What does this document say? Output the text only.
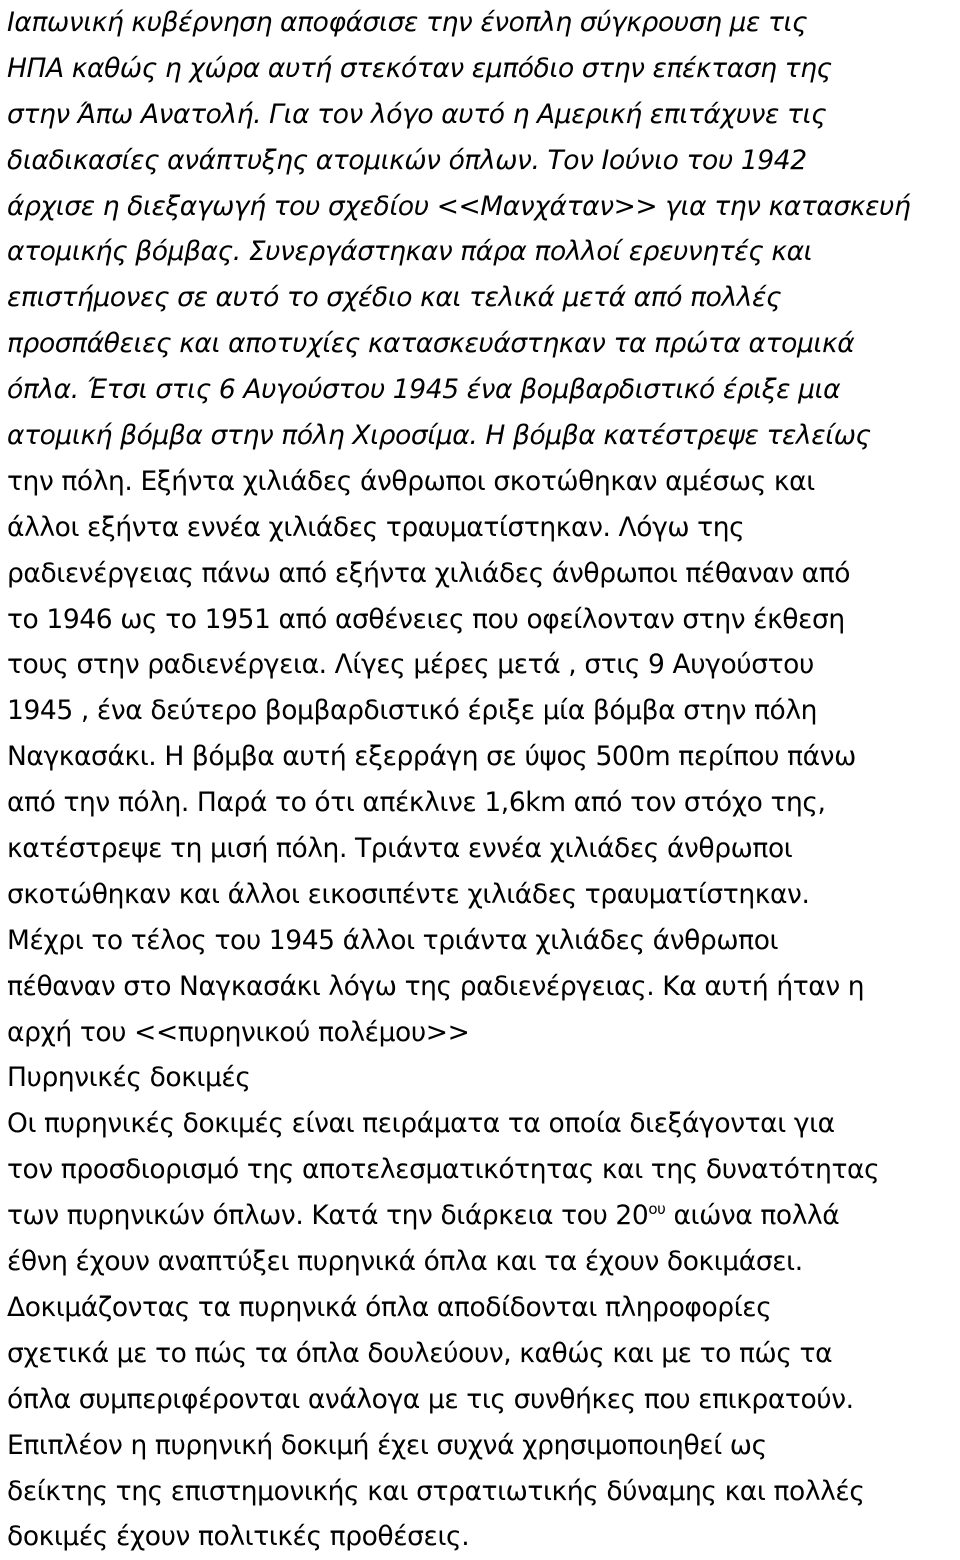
Ιαπωνική κυβέρνηση αποφάσισε την ένοπλη σύγκρουση με τις
ΗΠΑ καθώς η χώρα αυτή στεκόταν εμπόδιο στην επέκταση της
στην Άπω Ανατολή. Για τον λόγο αυτό η Αμερική επιτάχυνε τις
διαδικασίες ανάπτυξης ατομικών όπλων. Τον Ιούνιο του 1942
άρχισε η διεξαγωγή του σχεδίου <<Μανχάταν>> για την κατασκευή
ατομικής βόμβας. Συνεργάστηκαν πάρα πολλοί ερευνητές και
επιστήμονες σε αυτό το σχέδιο και τελικά μετά από πολλές
προσπάθειες και αποτυχίες κατασκευάστηκαν τα πρώτα ατομικά
όπλα. Έτσι στις 6 Αυγούστου 1945 ένα βομβαρδιστικό έριξε μια
ατομική βόμβα στην πόλη Χιροσίμα. Η βόμβα κατέστρεψε τελείως
την πόλη. Εξήντα χιλιάδες άνθρωποι σκοτώθηκαν αμέσως και
άλλοι εξήντα εννέα χιλιάδες τραυματίστηκαν. Λόγω της
ραδιενέργειας πάνω από εξήντα χιλιάδες άνθρωποι πέθαναν από
το 1946 ως το 1951 από ασθένειες που οφείλονταν στην έκθεση
τους στην ραδιενέργεια. Λίγες μέρες μετά , στις 9 Αυγούστου
1945 , ένα δεύτερο βομβαρδιστικό έριξε μία βόμβα στην πόλη
Ναγκασάκι. Η βόμβα αυτή εξερράγη σε ύψος 500m περίπου πάνω
από την πόλη. Παρά το ότι απέκλινε 1,6km από τον στόχο της,
κατέστρεψε τη μισή πόλη. Τριάντα εννέα χιλιάδες άνθρωποι
σκοτώθηκαν και άλλοι εικοσιπέντε χιλιάδες τραυματίστηκαν.
Μέχρι το τέλος του 1945 άλλοι τριάντα χιλιάδες άνθρωποι
πέθαναν στο Ναγκασάκι λόγω της ραδιενέργειας. Κα αυτή ήταν η
αρχή του <<πυρηνικού πολέμου>>
Πυρηνικές δοκιμές
Οι πυρηνικές δοκιμές είναι πειράματα τα οποία διεξάγονται για
τον προσδιορισμό της αποτελεσματικότητας και της δυνατότητας
των πυρηνικών όπλων. Κατά την διάρκεια του $20^{o\upsilon}$ αιώνα πολλά
έθνη έχουν αναπτύξει πυρηνικά όπλα και τα έχουν δοκιμάσει.
Δοκιμάζοντας τα πυρηνικά όπλα αποδίδονται πληροφορίες
σχετικά με το πώς τα όπλα δουλεύουν, καθώς και με το πώς τα
όπλα συμπεριφέρονται ανάλογα με τις συνθήκες που επικρατούν.
Επιπλέον η πυρηνική δοκιμή έχει συχνά χρησιμοποιηθεί ως
δείκτης της επιστημονικής και στρατιωτικής δύναμης και πολλές
δοκιμές έχουν πολιτικές προθέσεις.
